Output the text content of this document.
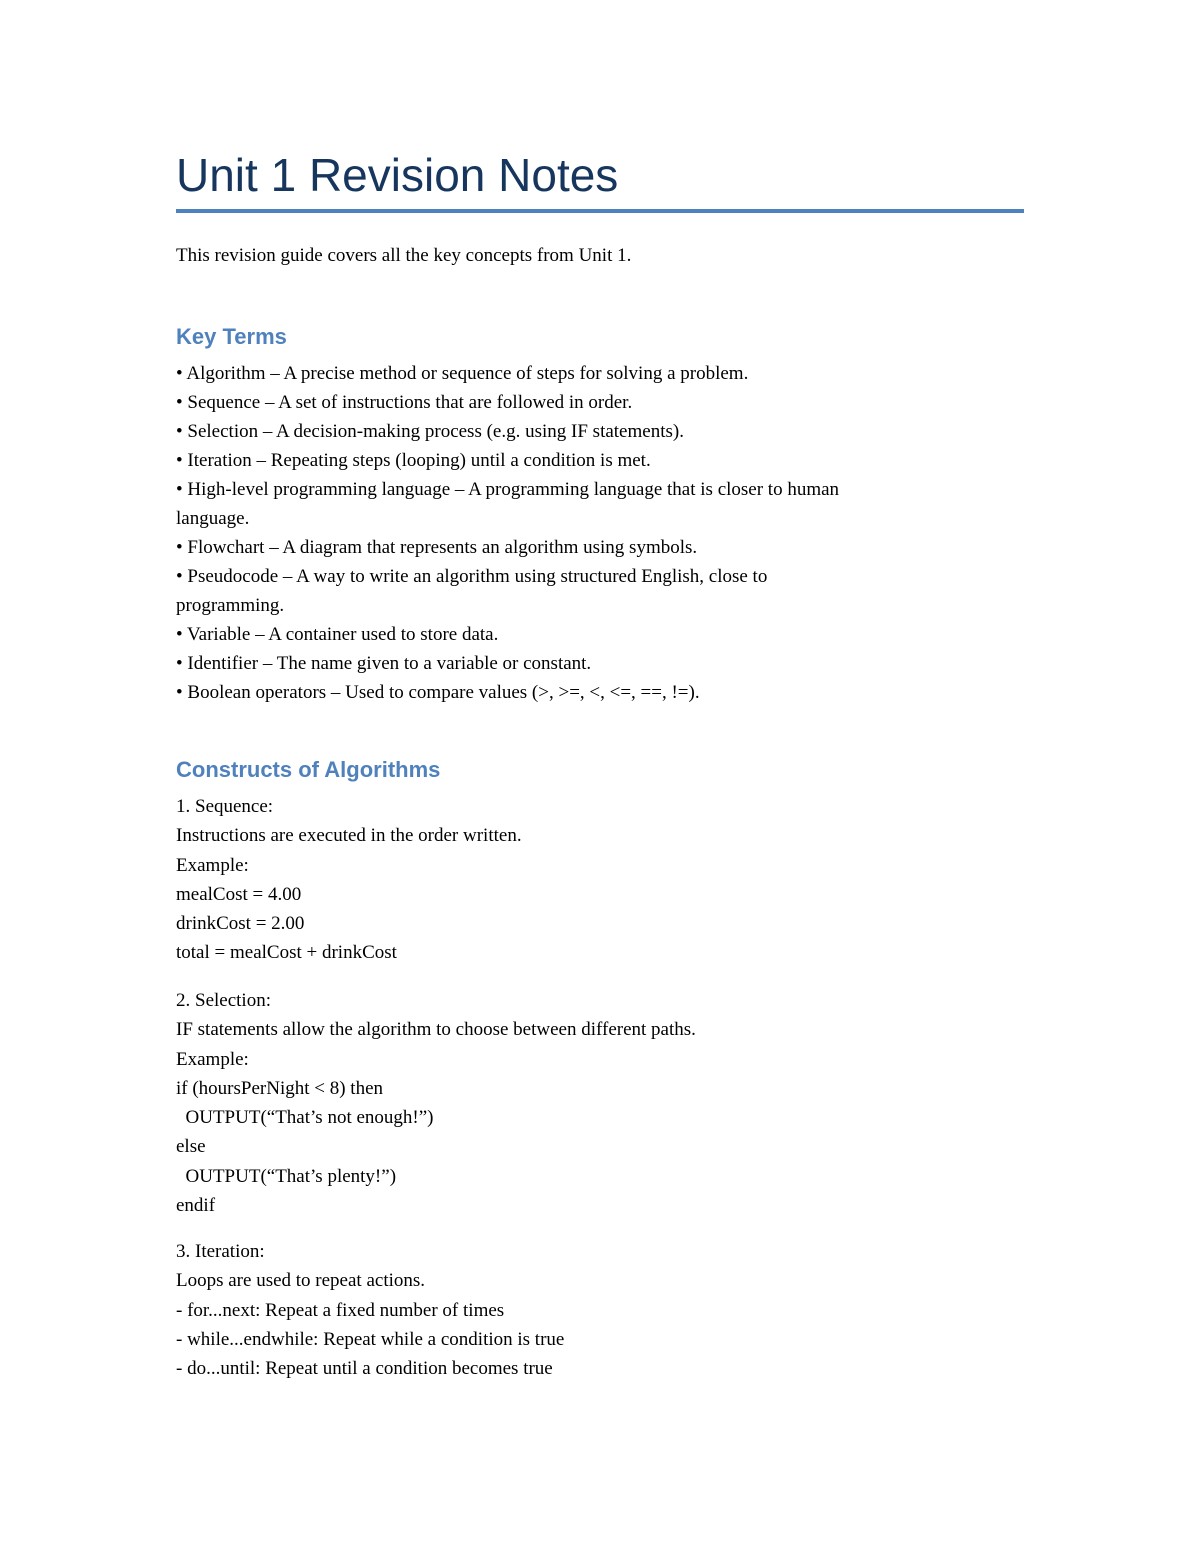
Unit 1 Revision Notes
This revision guide covers all the key concepts from Unit 1.
Key Terms
• Algorithm – A precise method or sequence of steps for solving a problem.
• Sequence – A set of instructions that are followed in order.
• Selection – A decision-making process (e.g. using IF statements).
• Iteration – Repeating steps (looping) until a condition is met.
• High-level programming language – A programming language that is closer to human
language.
• Flowchart – A diagram that represents an algorithm using symbols.
• Pseudocode – A way to write an algorithm using structured English, close to
programming.
• Variable – A container used to store data.
• Identifier – The name given to a variable or constant.
• Boolean operators – Used to compare values (>, >=, <, <=, ==, !=).
Constructs of Algorithms
1. Sequence:
Instructions are executed in the order written.
Example:
mealCost = 4.00
drinkCost = 2.00
total = mealCost + drinkCost
2. Selection:
IF statements allow the algorithm to choose between different paths.
Example:
if (hoursPerNight < 8) then
OUTPUT(“That’s not enough!”)
else
OUTPUT(“That’s plenty!”)
endif
3. Iteration:
Loops are used to repeat actions.
- for...next: Repeat a fixed number of times
- while...endwhile: Repeat while a condition is true
- do...until: Repeat until a condition becomes true
